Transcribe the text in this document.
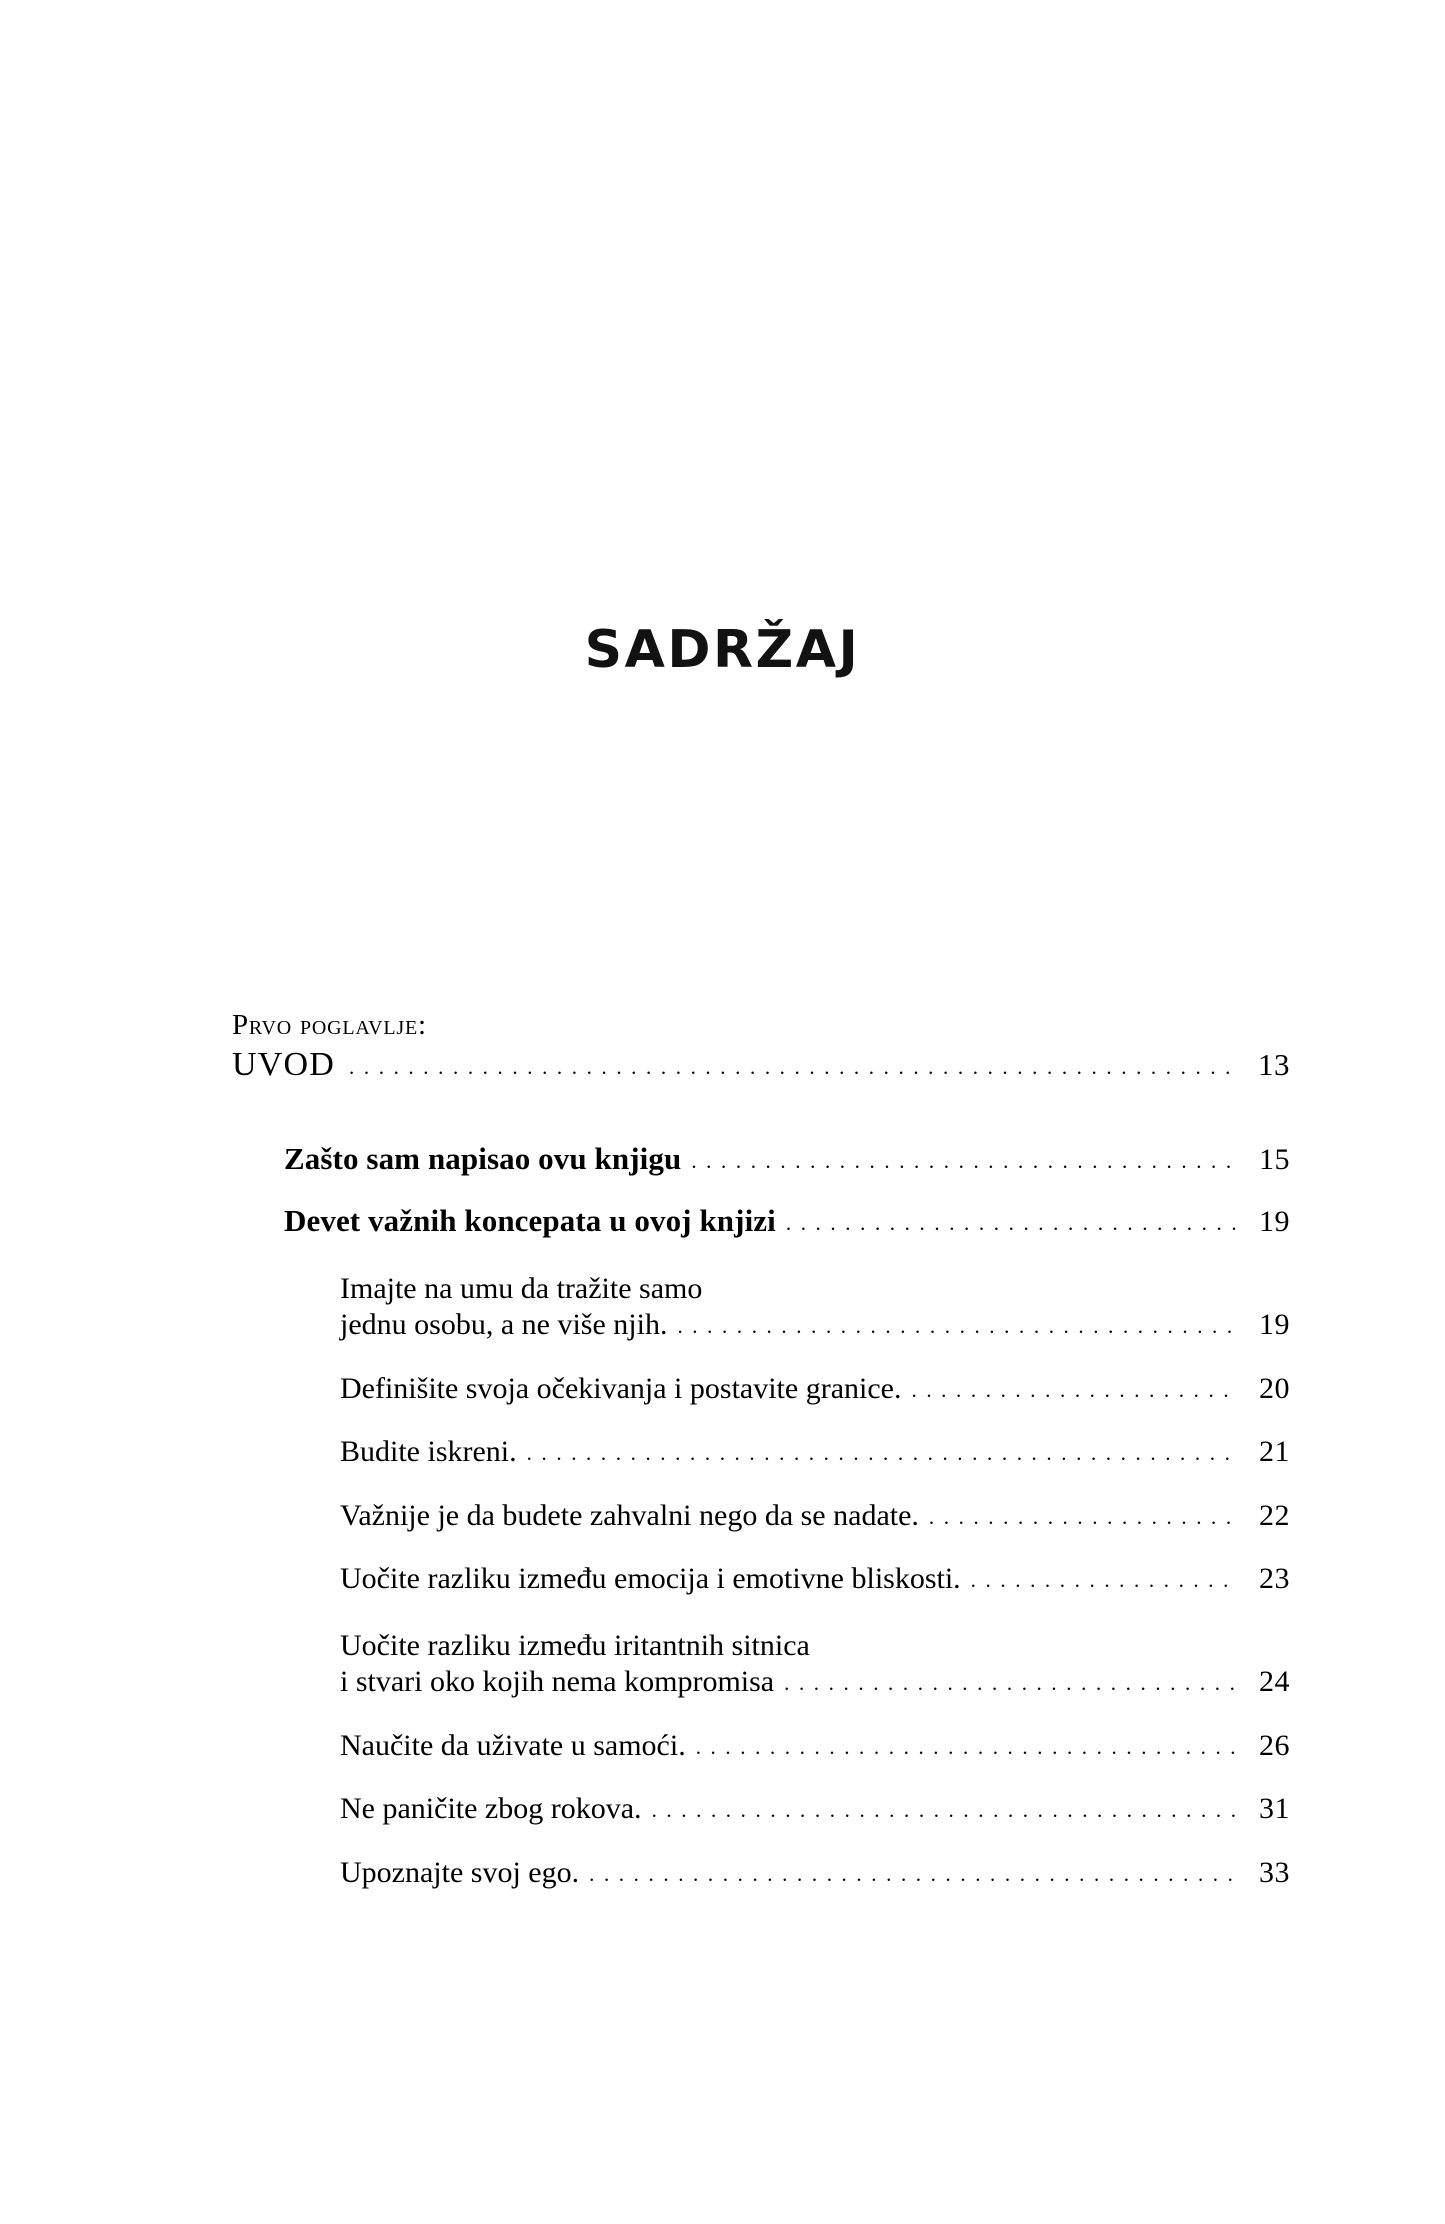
SADRŽAJ
Prvo poglavlje:
UVOD .....	13
Zašto sam napisao ovu knjigu .....	15
Devet važnih koncepata u ovoj knjizi .....	19
Imajte na umu da tražite samo
jednu osobu, a ne više njih. .....	19
Definišite svoja očekivanja i postavite granice. .....	20
Budite iskreni. .....	21
Važnije je da budete zahvalni nego da se nadate. .....	22
Uočite razliku između emocija i emotivne bliskosti. .....	23
Uočite razliku između iritantnih sitnica
i stvari oko kojih nema kompromisa .....	24
Naučite da uživate u samoći. .....	26
Ne paničite zbog rokova. .....	31
Upoznajte svoj ego. .....	33
